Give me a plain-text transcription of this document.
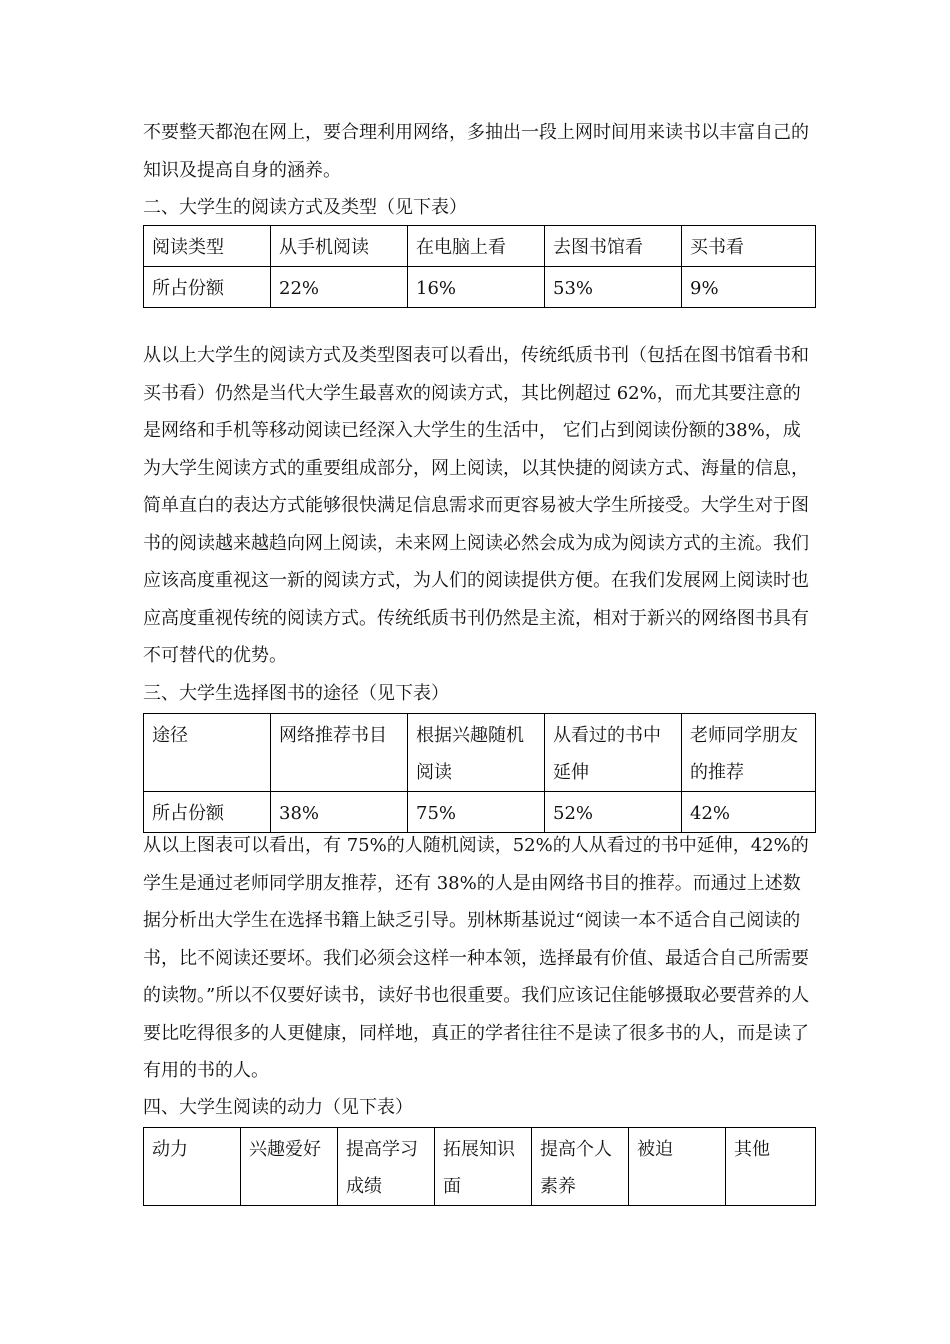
不要整天都泡在网上，要合理利用网络，多抽出一段上网时间用来读书以丰富自己的知识及提高自身的涵养。

二、大学生的阅读方式及类型（见下表）

阅读类型	从手机阅读	在电脑上看	去图书馆看	买书看
所占份额	22%	16%	53%	9%

从以上大学生的阅读方式及类型图表可以看出，传统纸质书刊（包括在图书馆看书和买书看）仍然是当代大学生最喜欢的阅读方式，其比例超过 62%，而尤其要注意的是网络和手机等移动阅读已经深入大学生的生活中， 它们占到阅读份额的38%，成为大学生阅读方式的重要组成部分，网上阅读，以其快捷的阅读方式、海量的信息，简单直白的表达方式能够很快满足信息需求而更容易被大学生所接受。大学生对于图书的阅读越来越趋向网上阅读，未来网上阅读必然会成为成为阅读方式的主流。我们应该高度重视这一新的阅读方式，为人们的阅读提供方便。在我们发展网上阅读时也应高度重视传统的阅读方式。传统纸质书刊仍然是主流，相对于新兴的网络图书具有不可替代的优势。

三、大学生选择图书的途径（见下表）

途径	网络推荐书目	根据兴趣随机阅读	从看过的书中延伸	老师同学朋友的推荐
所占份额	38%	75%	52%	42%

从以上图表可以看出，有 75%的人随机阅读，52%的人从看过的书中延伸，42%的学生是通过老师同学朋友推荐，还有 38%的人是由网络书目的推荐。而通过上述数据分析出大学生在选择书籍上缺乏引导。别林斯基说过“阅读一本不适合自己阅读的书，比不阅读还要坏。我们必须会这样一种本领，选择最有价值、最适合自己所需要的读物。”所以不仅要好读书，读好书也很重要。我们应该记住能够摄取必要营养的人要比吃得很多的人更健康，同样地，真正的学者往往不是读了很多书的人，而是读了有用的书的人。

四、大学生阅读的动力（见下表）

动力	兴趣爱好	提高学习成绩	拓展知识面	提高个人素养	被迫	其他
